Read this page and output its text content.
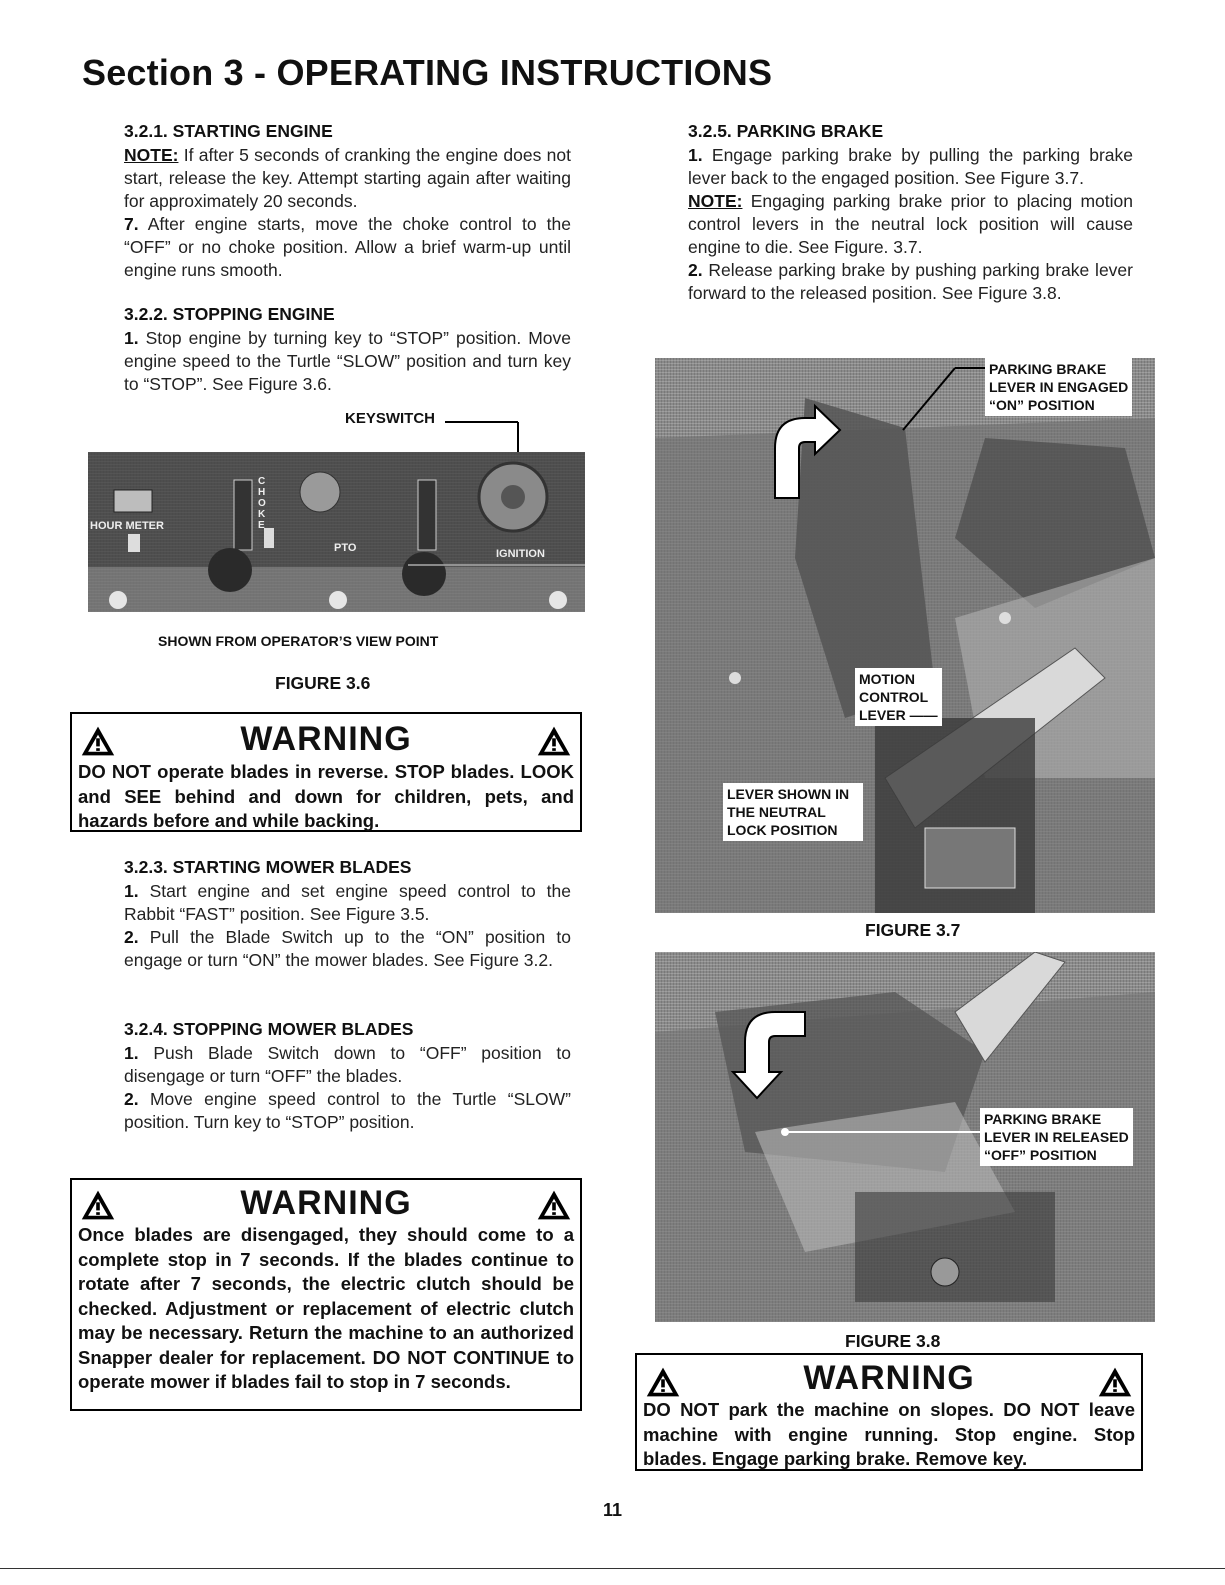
Section 3 - OPERATING INSTRUCTIONS
3.2.1. STARTING ENGINE
NOTE: If after 5 seconds of cranking the engine does not start, release the key. Attempt starting again after waiting for approximately 20 seconds.
7. After engine starts, move the choke control to the “OFF” or no choke position. Allow a brief warm-up until engine runs smooth.
3.2.2. STOPPING ENGINE
1. Stop engine by turning key to “STOP” position. Move engine speed to the Turtle “SLOW” position and turn key to “STOP”. See Figure 3.6.
KEYSWITCH
HOUR METER
CHOKE
PTO	IGNITION
SHOWN FROM OPERATOR’S VIEW POINT
FIGURE 3.6
WARNING
DO NOT operate blades in reverse. STOP blades. LOOK and SEE behind and down for children, pets, and hazards before and while backing.
3.2.3. STARTING MOWER BLADES
1. Start engine and set engine speed control to the Rabbit “FAST” position. See Figure 3.5.
2. Pull the Blade Switch up to the “ON” position to engage or turn “ON” the mower blades. See Figure 3.2.
3.2.4. STOPPING MOWER BLADES
1. Push Blade Switch down to “OFF” position to disengage or turn “OFF” the blades.
2. Move engine speed control to the Turtle “SLOW” position. Turn key to “STOP” position.
WARNING
Once blades are disengaged, they should come to a complete stop in 7 seconds. If the blades continue to rotate after 7 seconds, the electric clutch should be checked. Adjustment or replacement of electric clutch may be necessary. Return the machine to an authorized Snapper dealer for replacement. DO NOT CONTINUE to operate mower if blades fail to stop in 7 seconds.
3.2.5. PARKING BRAKE
1. Engage parking brake by pulling the parking brake lever back to the engaged position. See Figure 3.7.
NOTE: Engaging parking brake prior to placing motion control levers in the neutral lock position will cause engine to die. See Figure. 3.7.
2. Release parking brake by pushing parking brake lever forward to the released position. See Figure 3.8.
PARKING BRAKE
LEVER IN ENGAGED
“ON” POSITION
MOTION
CONTROL
LEVER ——
LEVER SHOWN IN
THE NEUTRAL
LOCK POSITION
FIGURE 3.7
PARKING BRAKE
LEVER IN RELEASED
“OFF” POSITION
FIGURE 3.8
WARNING
DO NOT park the machine on slopes. DO NOT leave machine with engine running. Stop engine. Stop blades. Engage parking brake. Remove key.
11
